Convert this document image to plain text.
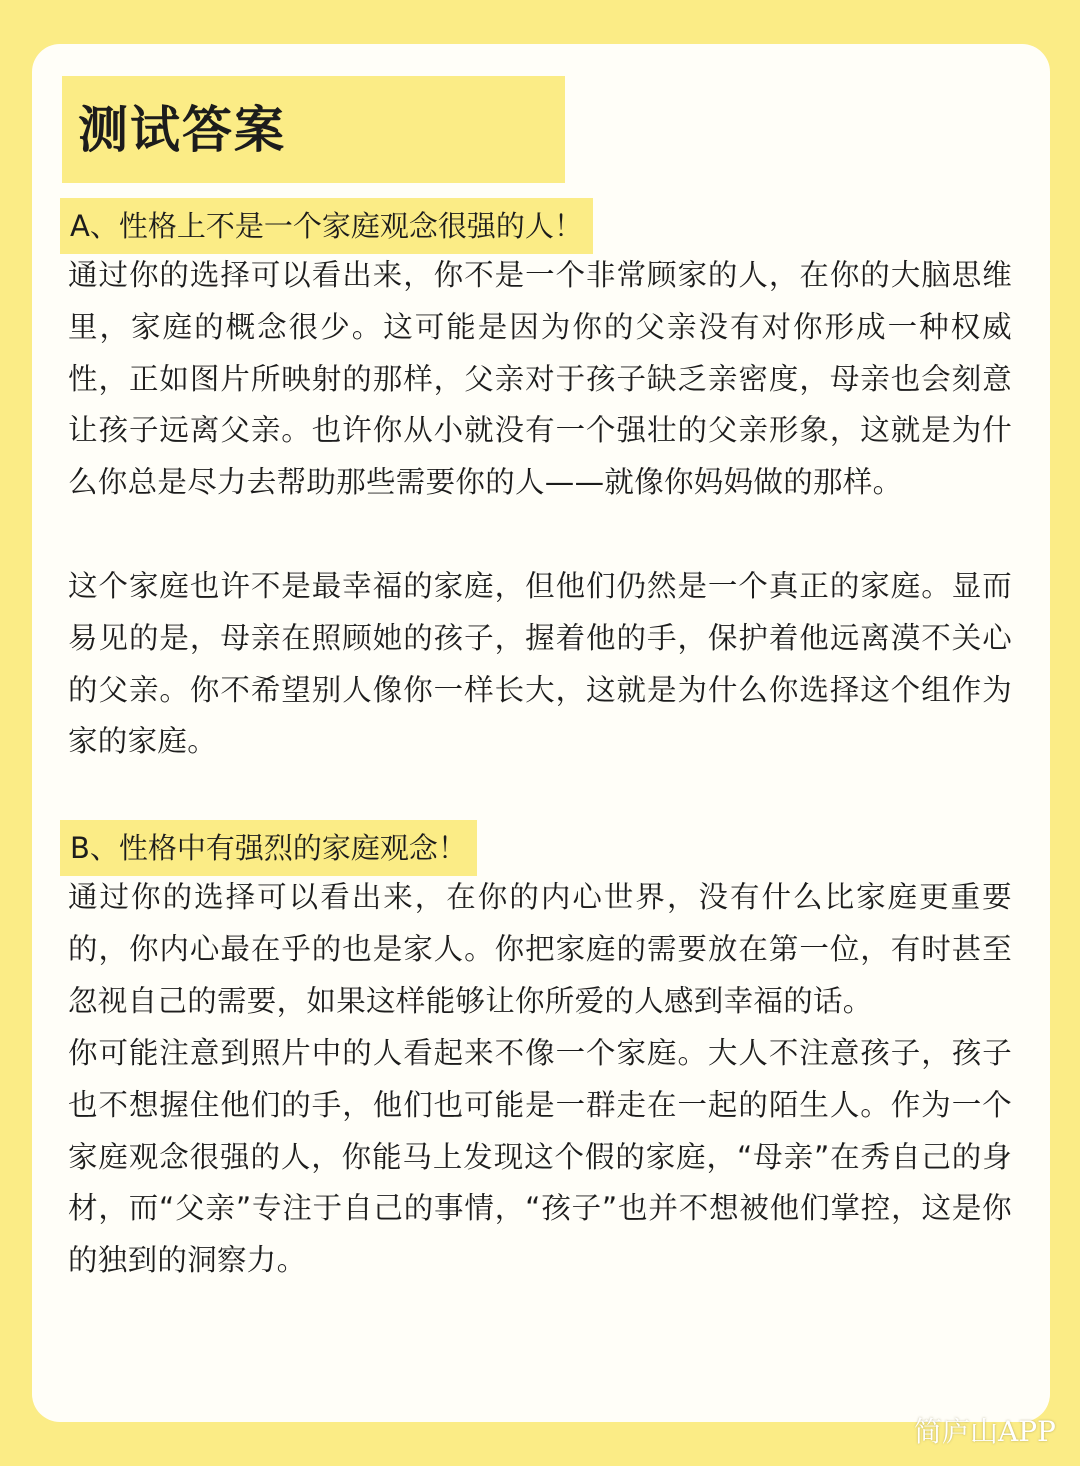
测试答案
A、性格上不是一个家庭观念很强的人！

通过你的选择可以看出来，你不是一个非常顾家的人，在你的大脑思维里，家庭的概念很少。这可能是因为你的父亲没有对你形成一种权威性，正如图片所映射的那样，父亲对于孩子缺乏亲密度，母亲也会刻意让孩子远离父亲。也许你从小就没有一个强壮的父亲形象，这就是为什么你总是尽力去帮助那些需要你的人——就像你妈妈做的那样。

这个家庭也许不是最幸福的家庭，但他们仍然是一个真正的家庭。显而易见的是，母亲在照顾她的孩子，握着他的手，保护着他远离漠不关心的父亲。你不希望别人像你一样长大，这就是为什么你选择这个组作为家的家庭。

B、性格中有强烈的家庭观念！

通过你的选择可以看出来，在你的内心世界，没有什么比家庭更重要的，你内心最在乎的也是家人。你把家庭的需要放在第一位，有时甚至忽视自己的需要，如果这样能够让你所爱的人感到幸福的话。

你可能注意到照片中的人看起来不像一个家庭。大人不注意孩子，孩子也不想握住他们的手，他们也可能是一群走在一起的陌生人。作为一个家庭观念很强的人，你能马上发现这个假的家庭，“母亲”在秀自己的身材，而“父亲”专注于自己的事情，“孩子”也并不想被他们掌控，这是你的独到的洞察力。

简庐山APP
